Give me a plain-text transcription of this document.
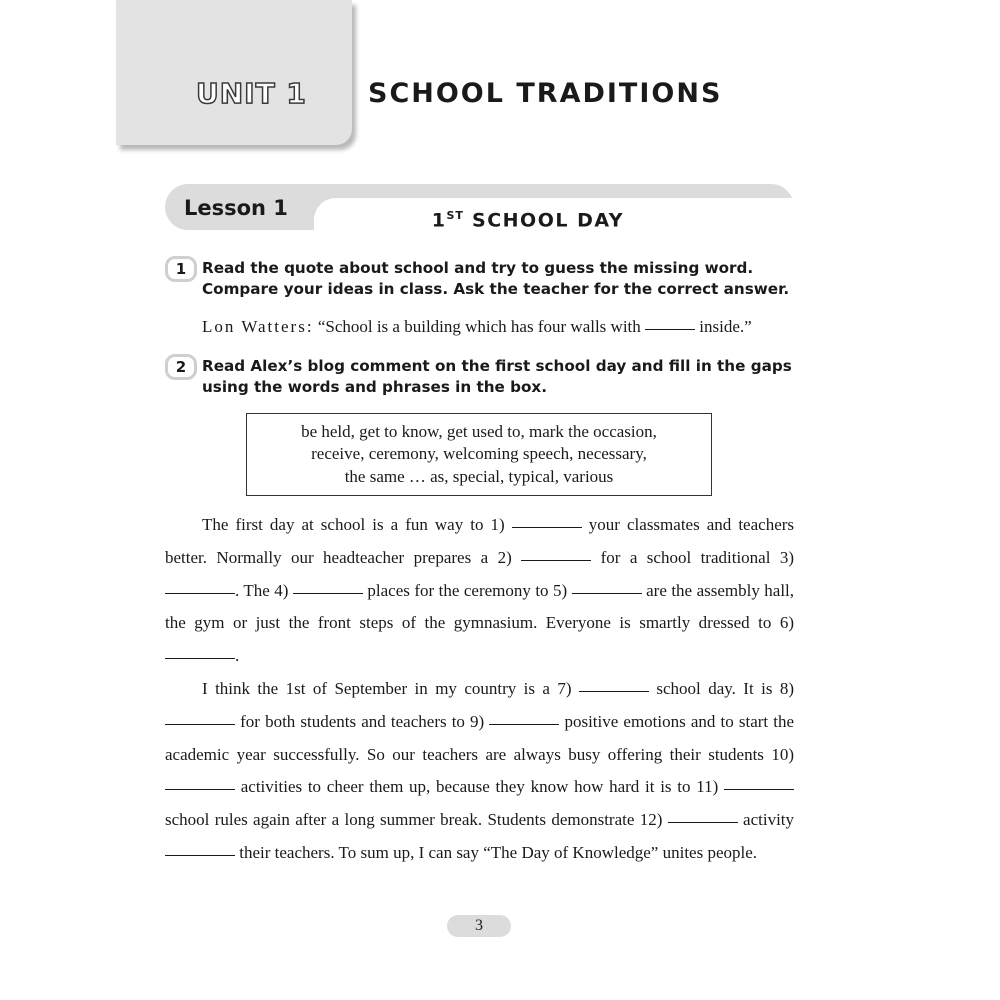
UNIT 1 SCHOOL TRADITIONS

Lesson 1

1ST SCHOOL DAY
1	Read the quote about school and try to guess the missing word. Compare your ideas in class. Ask the teacher for the correct answer.

Lon Watters: “School is a building which has four walls with	inside.”

2	Read Alex’s blog comment on the first school day and fill in the gaps using the words and phrases in the box.

be held, get to know, get used to, mark the occasion,
receive, ceremony, welcoming speech, necessary,
the same … as, special, typical, various

The first day at school is a fun way to 1)	your classmates and teachers better. Normally our headteacher prepares a 2)	for a school traditional 3) . The 4)	places for the ceremony to 5)	are the assembly hall, the gym or just the front steps of the gymnasium. Everyone is smartly dressed to 6) .

I think the 1st of September in my country is a 7)	school day. It is 8)  for both students and teachers to 9)	positive emotions and to start the academic year successfully. So our teachers are always busy offering their students 10)  activities to cheer them up, because they know how hard it is to 11)  school rules again after a long summer break. Students demonstrate 12)	activity  their teachers. To sum up, I can say “The Day of Knowledge” unites people.

3
